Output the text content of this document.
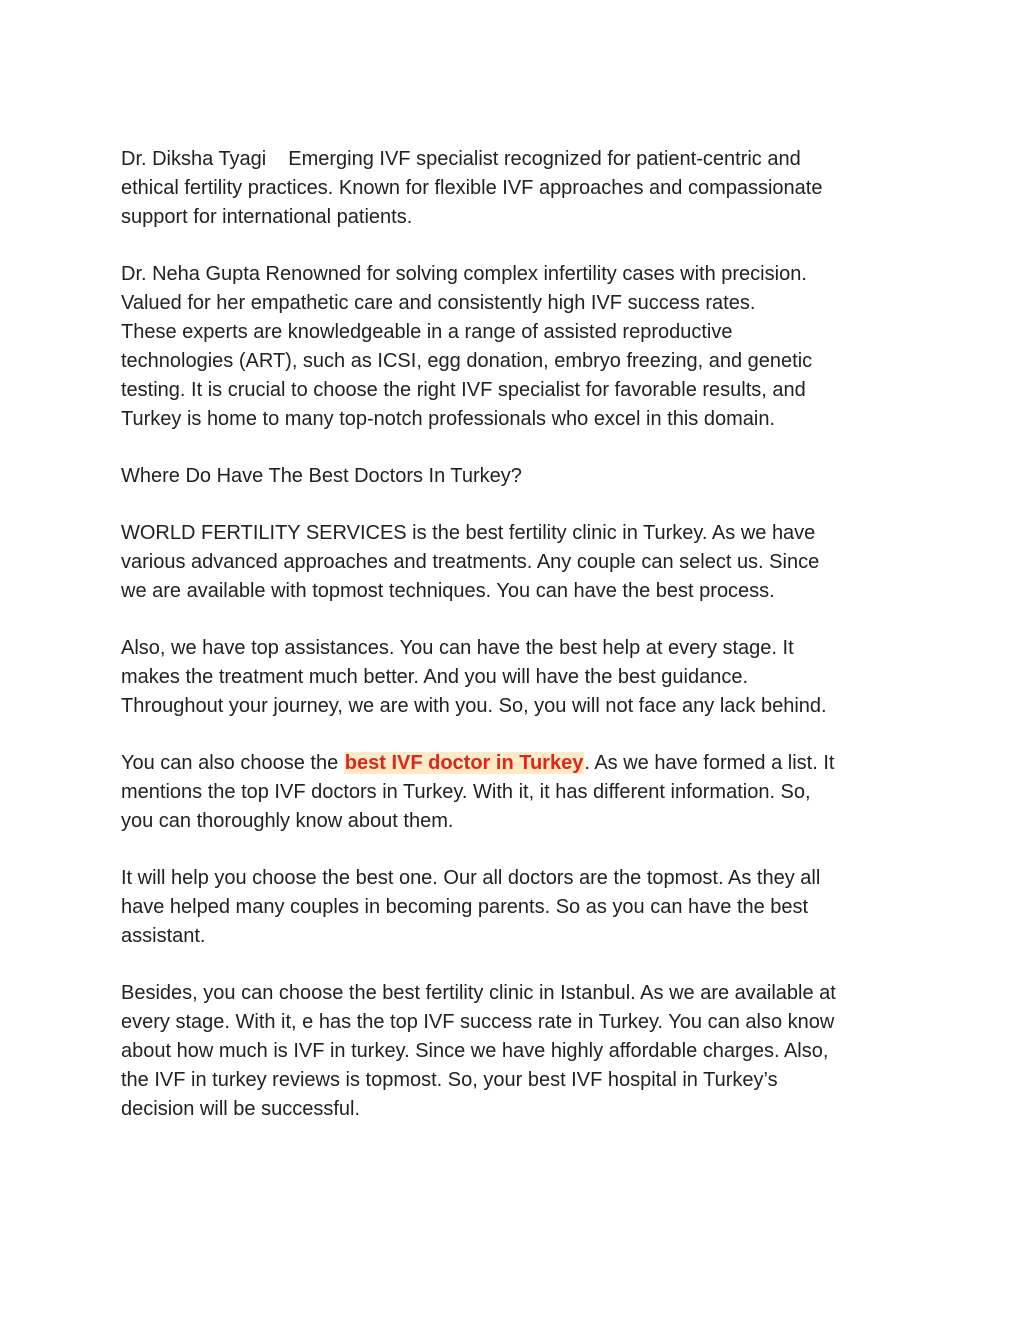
Dr. Diksha Tyagi Emerging IVF specialist recognized for patient-centric and
ethical fertility practices. Known for flexible IVF approaches and compassionate
support for international patients.

Dr. Neha Gupta Renowned for solving complex infertility cases with precision.
Valued for her empathetic care and consistently high IVF success rates.
These experts are knowledgeable in a range of assisted reproductive
technologies (ART), such as ICSI, egg donation, embryo freezing, and genetic
testing. It is crucial to choose the right IVF specialist for favorable results, and
Turkey is home to many top-notch professionals who excel in this domain.

Where Do Have The Best Doctors In Turkey?

WORLD FERTILITY SERVICES is the best fertility clinic in Turkey. As we have
various advanced approaches and treatments. Any couple can select us. Since
we are available with topmost techniques. You can have the best process.

Also, we have top assistances. You can have the best help at every stage. It
makes the treatment much better. And you will have the best guidance.
Throughout your journey, we are with you. So, you will not face any lack behind.

You can also choose the best IVF doctor in Turkey. As we have formed a list. It
mentions the top IVF doctors in Turkey. With it, it has different information. So,
you can thoroughly know about them.

It will help you choose the best one. Our all doctors are the topmost. As they all
have helped many couples in becoming parents. So as you can have the best
assistant.

Besides, you can choose the best fertility clinic in Istanbul. As we are available at
every stage. With it, e has the top IVF success rate in Turkey. You can also know
about how much is IVF in turkey. Since we have highly affordable charges. Also,
the IVF in turkey reviews is topmost. So, your best IVF hospital in Turkey’s
decision will be successful.
